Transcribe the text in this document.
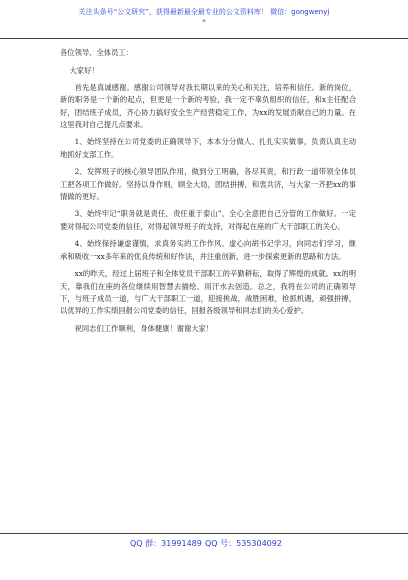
关注头条号“公文研究”，获得最新最全最专业的公文资料库！ 微信：gongwenyj
*

各位领导、全体员工：

大家好！

首先是真诚感谢。感谢公司领导对我长期以来的关心和关注，培养和信任。新的岗位，新的职务是一个新的起点，但更是一个新的考验，我一定不辜负组织的信任，和x主任配合好，团结班子成员，齐心协力搞好安全生产经营稳定工作，为xx的发展贡献自己的力量。在这里我对自己提几点要求。

1、始终坚持在公司党委的正确领导下，本本分分做人、扎扎实实做事，负责认真主动地抓好支部工作。

2、发挥班子的核心领导团队作用，做到分工明确，各尽其责，和行政一道带领全体员工把各项工作做好。坚持以身作则，顾全大局，团结拼搏，和衷共济，与大家一齐把xx的事情做的更好。

3、始终牢记“职务就是责任，责任重于泰山”，全心全意把自己分管的工作做好。一定要对得起公司党委的信任，对得起领导班子的支持，对得起在座的广大干部职工的关心。

4、始终保持谦虚谨慎，求真务实的工作作风。虚心向胡书记学习，向同志们学习，继承和吸收一xx多年来的优良传统和好作法，并注重创新，进一步探索更新的思路和方法。

xx的昨天，经过上届班子和全体党员干部职工的辛勤耕耘，取得了辉煌的成就。xx的明天，靠我们在座的各位继续用智慧去描绘、用汗水去创造。总之，我将在公司的正确领导下，与班子成员一道，与广大干部职工一道，迎接挑战，战胜困难，抢抓机遇，顽强拼搏，以优异的工作实绩回报公司党委的信任，回报各级领导和同志们的关心爱护。

祝同志们工作顺利，身体健康！谢谢大家！

QQ 群：31991489 QQ 号：535304092
